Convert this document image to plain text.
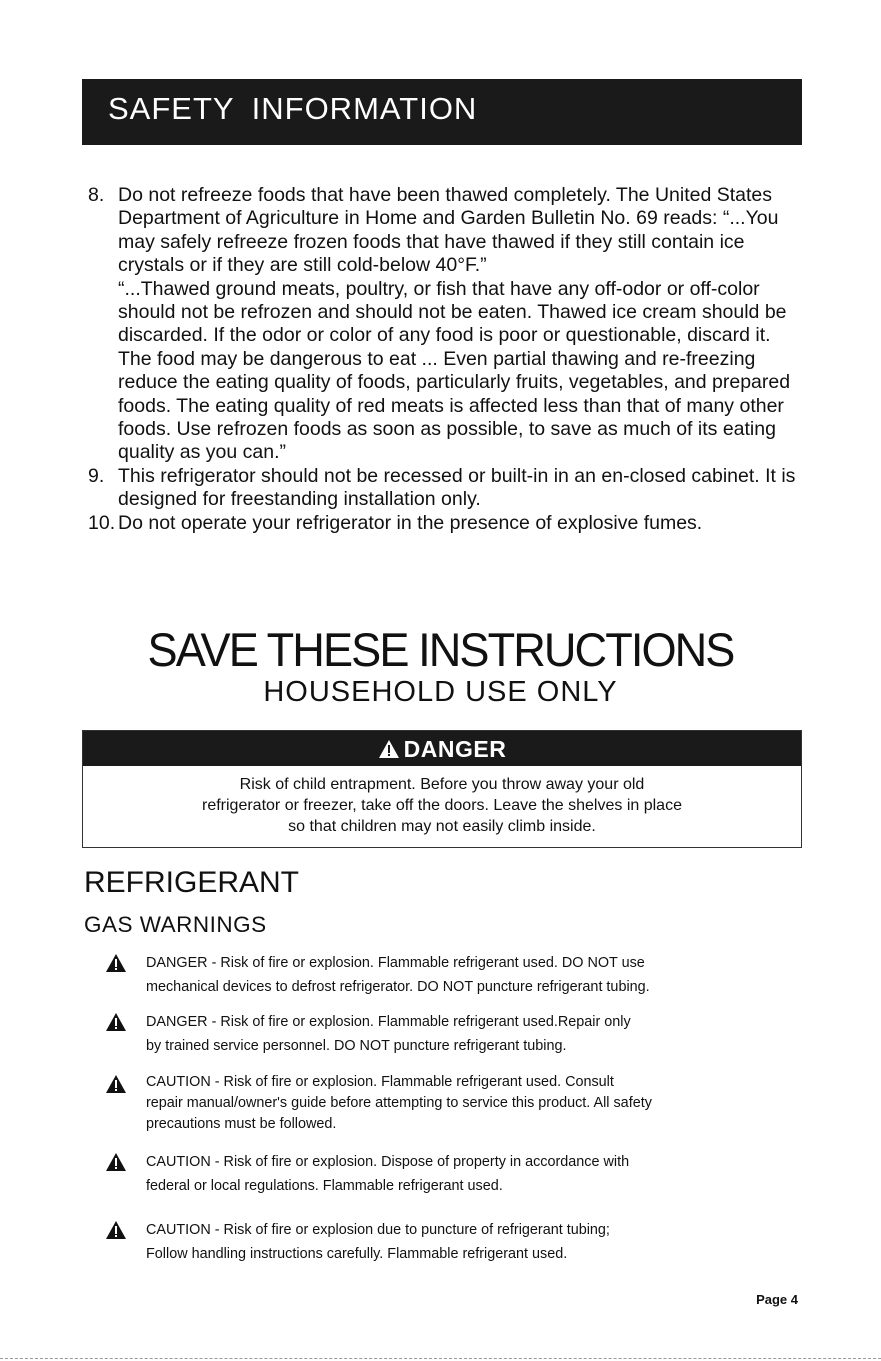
SAFETY INFORMATION
8. Do not refreeze foods that have been thawed completely. The United States Department of Agriculture in Home and Garden Bulletin No. 69 reads: “...You may safely refreeze frozen foods that have thawed if they still contain ice crystals or if they are still cold-below 40°F.”
“...Thawed ground meats, poultry, or fish that have any off-odor or off-color should not be refrozen and should not be eaten. Thawed ice cream should be discarded. If the odor or color of any food is poor or questionable, discard it. The food may be dangerous to eat ... Even partial thawing and re-freezing reduce the eating quality of foods, particularly fruits, vegetables, and prepared foods. The eating quality of red meats is affected less than that of many other foods. Use refrozen foods as soon as possible, to save as much of its eating quality as you can.”
9. This refrigerator should not be recessed or built-in in an en-closed cabinet. It is designed for freestanding installation only.
10. Do not operate your refrigerator in the presence of explosive fumes.
SAVE THESE INSTRUCTIONS
HOUSEHOLD USE ONLY
DANGER
Risk of child entrapment. Before you throw away your old
refrigerator or freezer, take off the doors. Leave the shelves in place
so that children may not easily climb inside.
REFRIGERANT
GAS WARNINGS
DANGER - Risk of fire or explosion. Flammable refrigerant used. DO NOT use
mechanical devices to defrost refrigerator. DO NOT puncture refrigerant tubing.
DANGER - Risk of fire or explosion. Flammable refrigerant used.Repair only
by trained service personnel. DO NOT puncture refrigerant tubing.
CAUTION - Risk of fire or explosion. Flammable refrigerant used. Consult
repair manual/owner's guide before attempting to service this product. All safety
precautions must be followed.
CAUTION - Risk of fire or explosion. Dispose of property in accordance with
federal or local regulations. Flammable refrigerant used.
CAUTION - Risk of fire or explosion due to puncture of refrigerant tubing;
Follow handling instructions carefully. Flammable refrigerant used.
Page 4
